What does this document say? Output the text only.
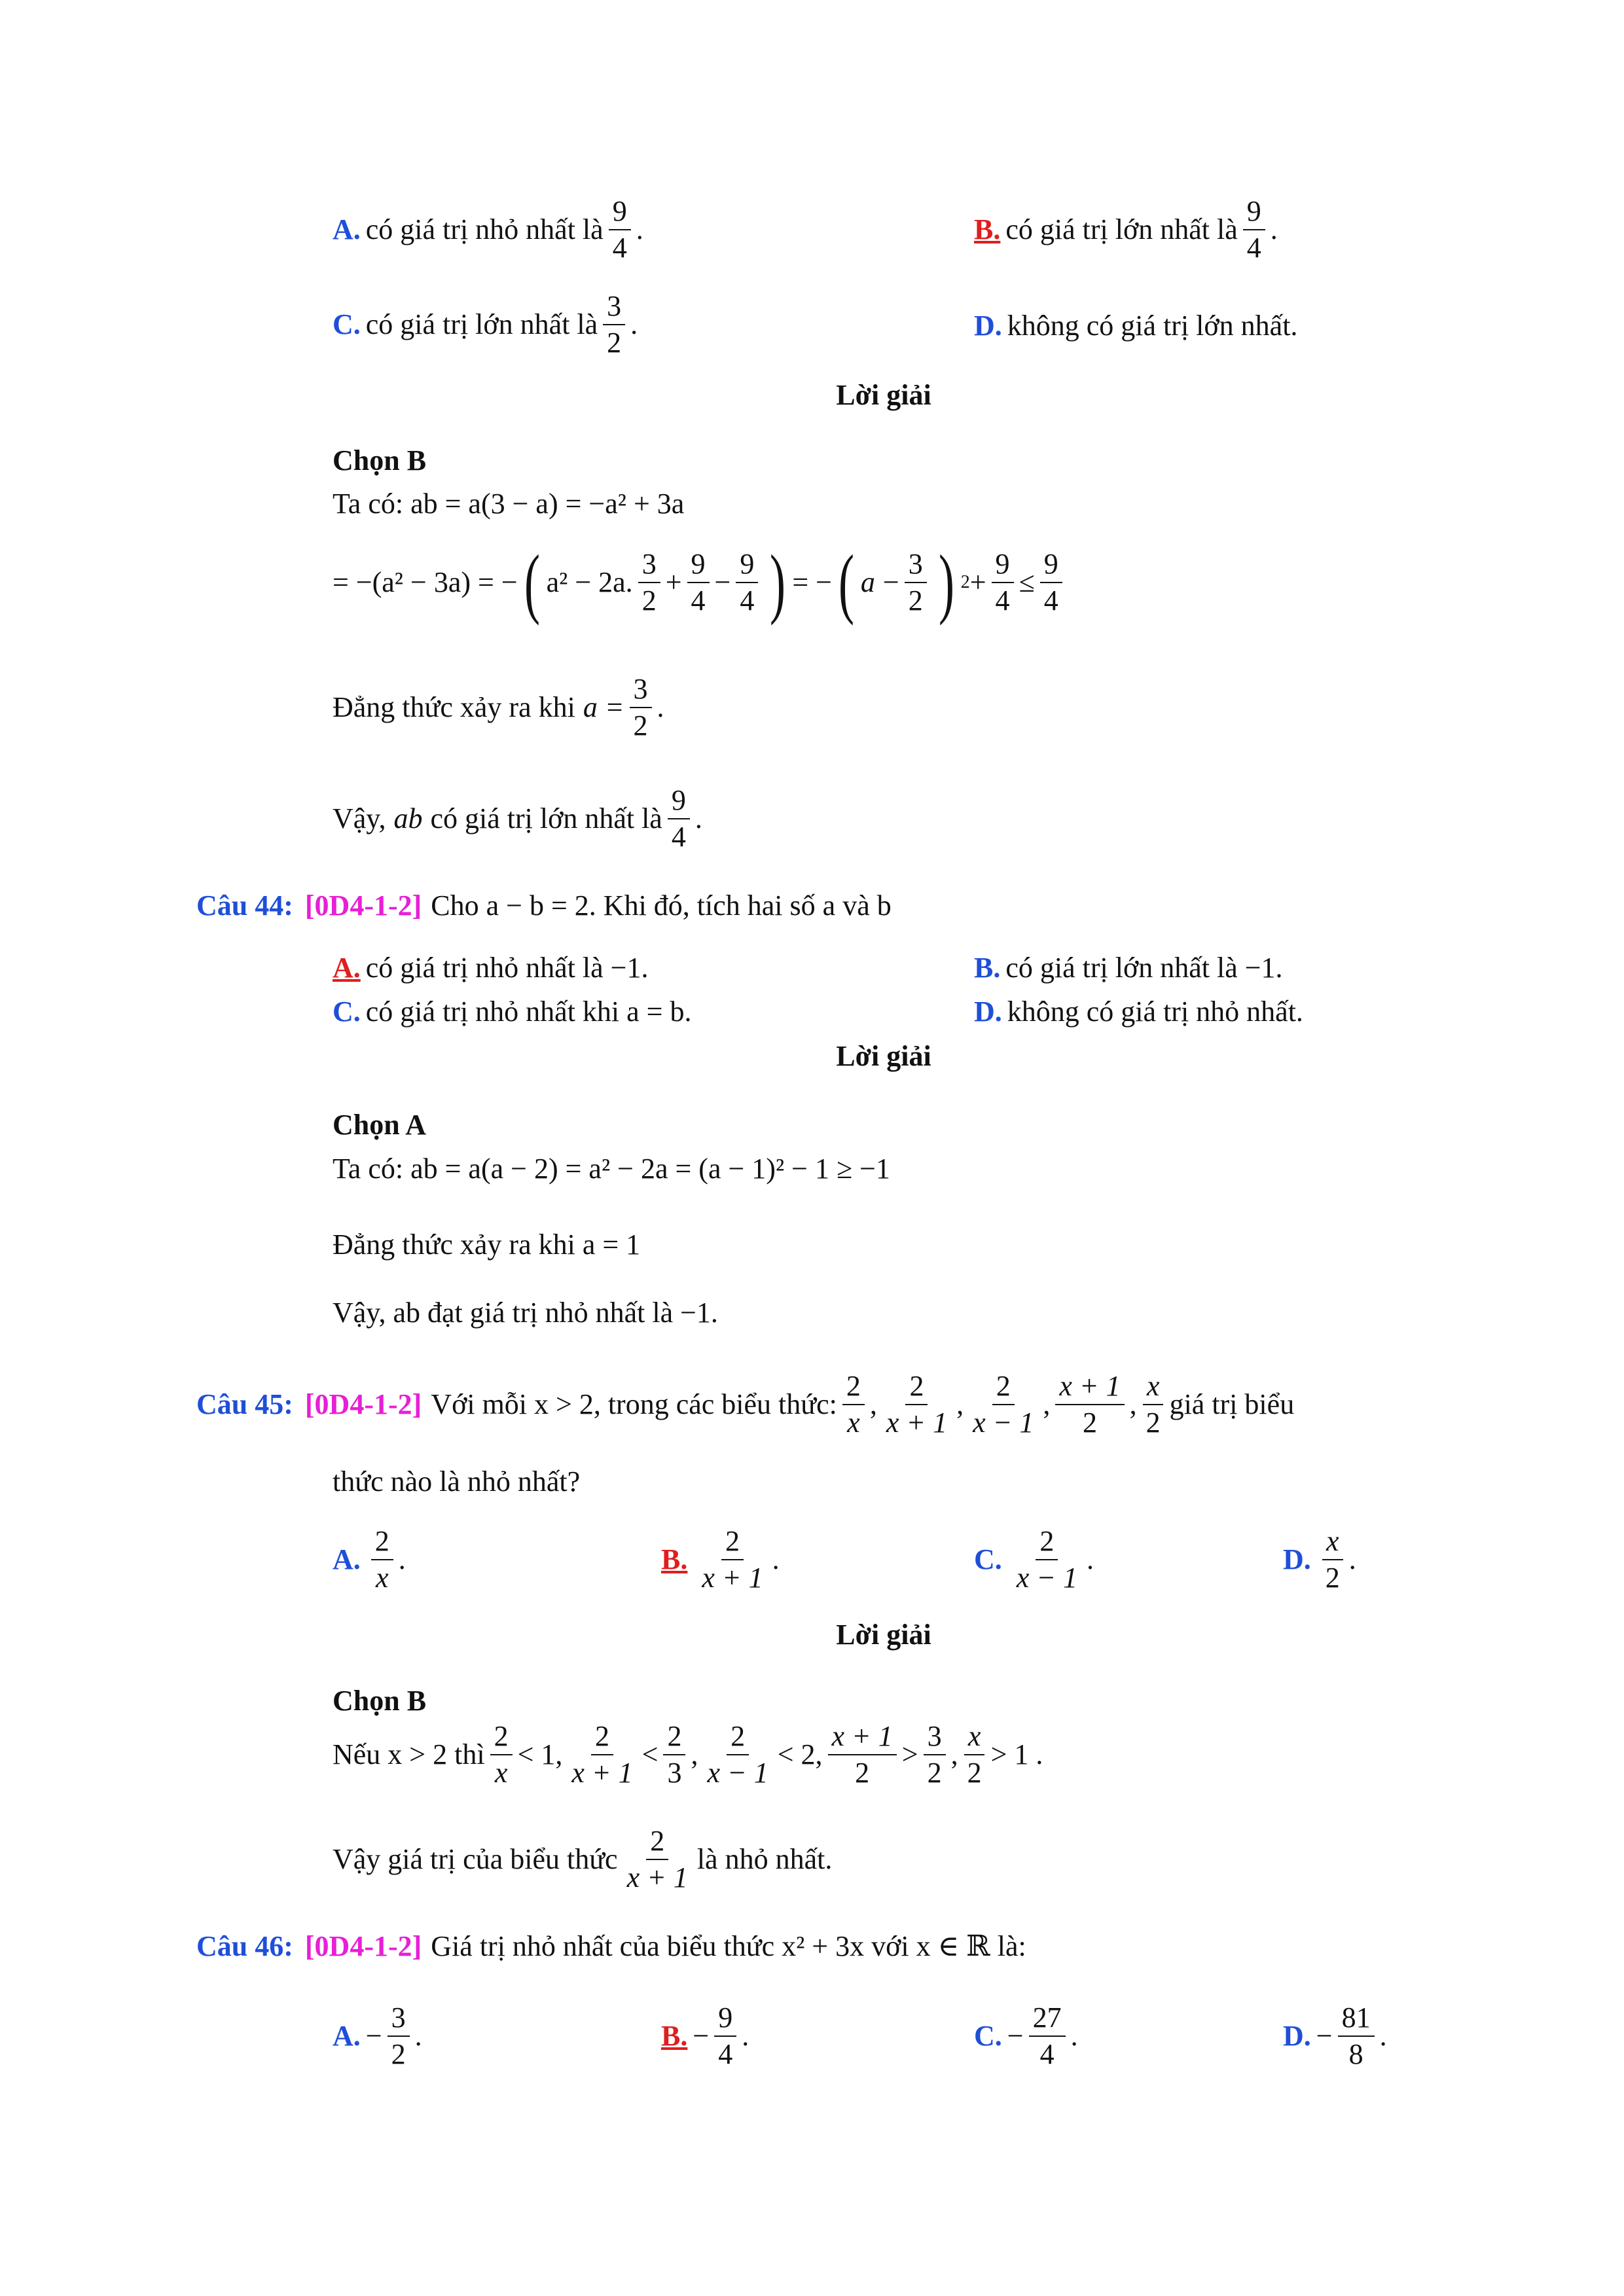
A. có giá trị nhỏ nhất là $\frac{9}{4}$ .	B. có giá trị lớn nhất là $\frac{9}{4}$ .
C. có giá trị lớn nhất là $\frac{3}{2}$ .	D. không có giá trị lớn nhất.
Lời giải
Chọn B
Ta có: ab = a(3 − a) = −a² + 3a
= −(a² − 3a) = − ( a² − 2a. $\frac{3}{2} + \frac{9}{4} - \frac{9}{4}$ ) = − ( $a - \frac{3}{2}$ ) $2 + \frac{9}{4} \le \frac{9}{4}$
Đẳng thức xảy ra khi $a = \frac{3}{2}$ .
Vậy, ab có giá trị lớn nhất là $\frac{9}{4}$ .
Câu 44: [0D4-1-2] Cho a − b = 2. Khi đó, tích hai số a và b
A. có giá trị nhỏ nhất là −1.	B. có giá trị lớn nhất là −1.
C. có giá trị nhỏ nhất khi a = b.	D. không có giá trị nhỏ nhất.
Lời giải
Chọn A
Ta có: ab = a(a − 2) = a² − 2a = (a − 1)² − 1 ≥ −1
Đẳng thức xảy ra khi a = 1
Vậy, ab đạt giá trị nhỏ nhất là −1.
Câu 45: [0D4-1-2] Với mỗi x > 2, trong các biểu thức: $\frac{2}{x}$ , $\frac{2}{x + 1}$ , $\frac{2}{x - 1}$ , $\frac{x + 1}{2}$ , $\frac{x}{2}$ giá trị biểu
thức nào là nhỏ nhất?
A. $\frac{2}{x}$ .	B. $\frac{2}{x + 1}$ .	C. $\frac{2}{x - 1}$ .	D. $\frac{x}{2}$ .
Lời giải
Chọn B
Nếu x > 2 thì $\frac{2}{x} < 1$, $\frac{2}{x + 1} < \frac{2}{3}$ , $\frac{2}{x - 1} < 2$, $\frac{x + 1}{2} > \frac{3}{2}$ , $\frac{x}{2} > 1$ .
Vậy giá trị của biểu thức $\frac{2}{x + 1}$ là nhỏ nhất.
Câu 46: [0D4-1-2] Giá trị nhỏ nhất của biểu thức x² + 3x với x ∈ ℝ là:
A. − $\frac{3}{2}$ .	B. − $\frac{9}{4}$ .	C. − $\frac{27}{4}$ .	D. − $\frac{81}{8}$ .
